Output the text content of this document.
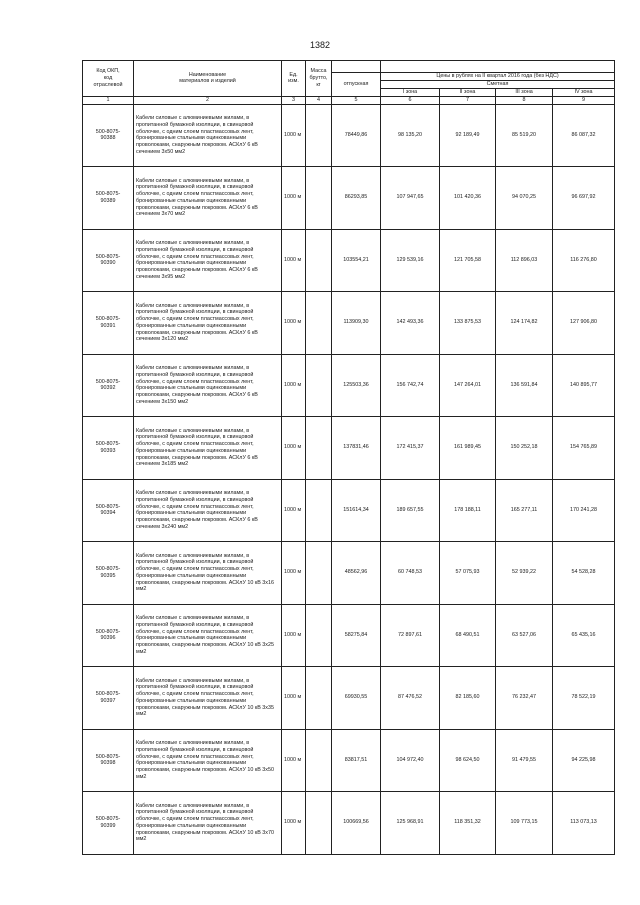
1382
Код ОКП,
код
отраслевой	Наименование
материалов и изделий	Ед.
изм.	Масса
брутто,
кг					
				отпускная	Цены в рублях на II квартал 2016 года (без НДС)			
					Сметная			
					I зона	II зона	III зона	IV зона
1	2	3	4	5	6	7	8	9
500-8075-
90388	Кабели силовые с алюминиевыми жилами, в пропитанной бумажной изоляции, в свинцовой оболочке, с одним слоем пластмассовых лент, бронированные стальными оцинкованными проволоками, снаружным покровом. АСКлУ 6 кВ сечением 3х50 мм2	1000 м		78449,86	98 135,20	92 189,49	85 519,20	86 087,32
500-8075-
90389	Кабели силовые с алюминиевыми жилами, в пропитанной бумажной изоляции, в свинцовой оболочке, с одним слоем пластмассовых лент, бронированные стальными оцинкованными проволоками, снаружным покровом. АСКлУ 6 кВ сечением 3х70 мм2	1000 м		86293,85	107 947,65	101 420,36	94 070,25	96 697,92
500-8075-
90390	Кабели силовые с алюминиевыми жилами, в пропитанной бумажной изоляции, в свинцовой оболочке, с одним слоем пластмассовых лент, бронированные стальными оцинкованными проволоками, снаружным покровом. АСКлУ 6 кВ сечением 3х95 мм2	1000 м		103554,21	129 539,16	121 705,58	112 896,03	116 276,80
500-8075-
90391	Кабели силовые с алюминиевыми жилами, в пропитанной бумажной изоляции, в свинцовой оболочке, с одним слоем пластмассовых лент, бронированные стальными оцинкованными проволоками, снаружным покровом. АСКлУ 6 кВ сечением 3х120 мм2	1000 м		113909,30	142 493,36	133 875,53	124 174,82	127 906,80
500-8075-
90392	Кабели силовые с алюминиевыми жилами, в пропитанной бумажной изоляции, в свинцовой оболочке, с одним слоем пластмассовых лент, бронированные стальными оцинкованными проволоками, снаружным покровом. АСКлУ 6 кВ сечением 3х150 мм2	1000 м		125503,36	156 742,74	147 264,01	136 591,84	140 895,77
500-8075-
90393	Кабели силовые с алюминиевыми жилами, в пропитанной бумажной изоляции, в свинцовой оболочке, с одним слоем пластмассовых лент, бронированные стальными оцинкованными проволоками, снаружным покровом. АСКлУ 6 кВ сечением 3х185 мм2	1000 м		137831,46	172 415,37	161 989,45	150 252,18	154 765,89
500-8075-
90394	Кабели силовые с алюминиевыми жилами, в пропитанной бумажной изоляции, в свинцовой оболочке, с одним слоем пластмассовых лент, бронированные стальными оцинкованными проволоками, снаружным покровом. АСКлУ 6 кВ сечением 3х240 мм2	1000 м		151614,34	189 657,55	178 188,11	165 277,11	170 241,28
500-8075-
90395	Кабели силовые с алюминиевыми жилами, в пропитанной бумажной изоляции, в свинцовой оболочке, с одним слоем пластмассовых лент, бронированные стальными оцинкованными проволоками, снаружным покровом. АСКлУ 10 кВ 3х16 мм2	1000 м		48562,96	60 748,53	57 075,93	52 939,22	54 528,28
500-8075-
90396	Кабели силовые с алюминиевыми жилами, в пропитанной бумажной изоляции, в свинцовой оболочке, с одним слоем пластмассовых лент, бронированные стальными оцинкованными проволоками, снаружным покровом. АСКлУ 10 кВ 3х25 мм2	1000 м		58275,84	72 897,61	68 490,51	63 527,06	65 435,16
500-8075-
90397	Кабели силовые с алюминиевыми жилами, в пропитанной бумажной изоляции, в свинцовой оболочке, с одним слоем пластмассовых лент, бронированные стальными оцинкованными проволоками, снаружным покровом. АСКлУ 10 кВ 3х35 мм2	1000 м		69930,55	87 476,52	82 185,60	76 232,47	78 522,19
500-8075-
90398	Кабели силовые с алюминиевыми жилами, в пропитанной бумажной изоляции, в свинцовой оболочке, с одним слоем пластмассовых лент, бронированные стальными оцинкованными проволоками, снаружным покровом. АСКлУ 10 кВ 3х50 мм2	1000 м		83817,51	104 972,40	98 624,50	91 479,55	94 225,98
500-8075-
90399	Кабели силовые с алюминиевыми жилами, в пропитанной бумажной изоляции, в свинцовой оболочке, с одним слоем пластмассовых лент, бронированные стальными оцинкованными проволоками, снаружным покровом. АСКлУ 10 кВ 3х70 мм2	1000 м		100669,56	125 968,91	118 351,32	109 773,15	113 073,13
